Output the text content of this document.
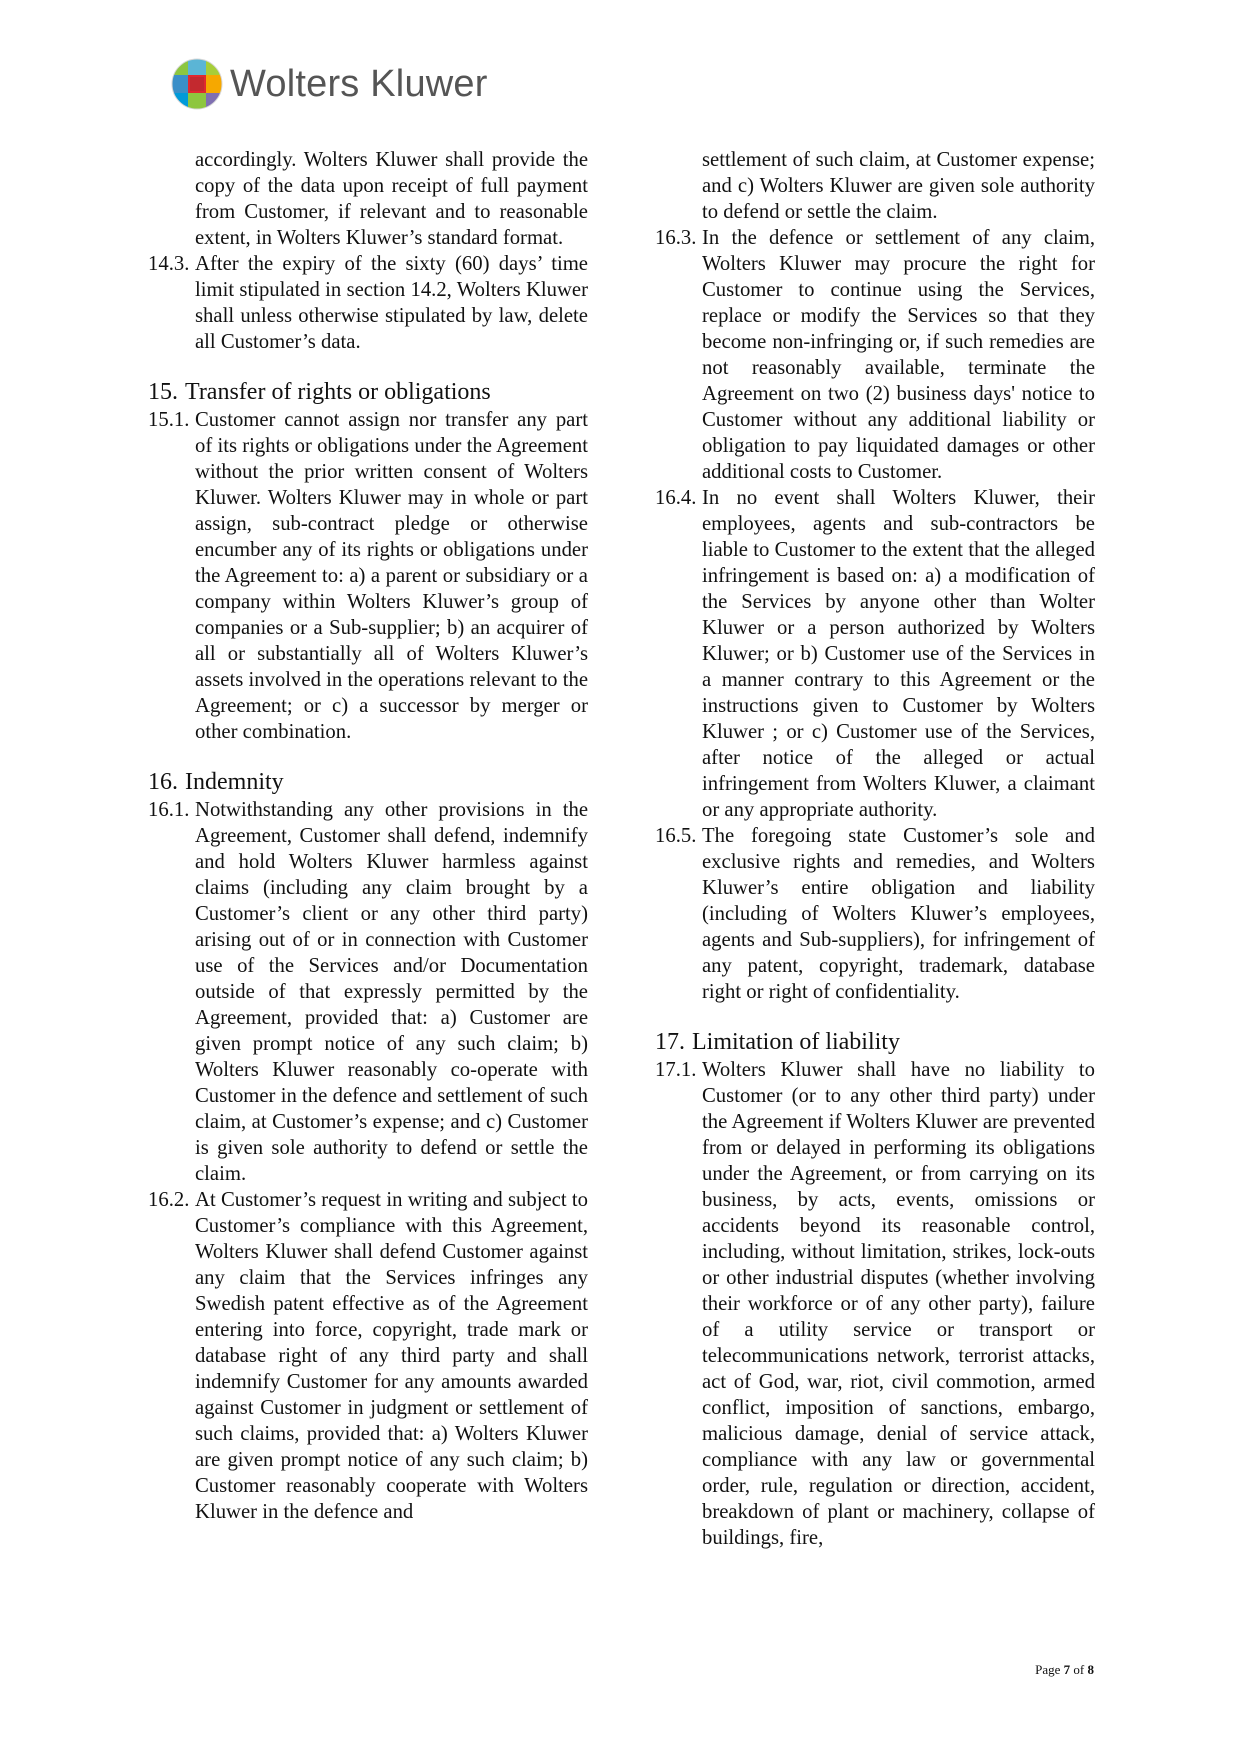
Wolters Kluwer
accordingly. Wolters Kluwer shall provide the copy of the data upon receipt of full payment from Customer, if relevant and to reasonable extent, in Wolters Kluwer’s standard format.
14.3. After the expiry of the sixty (60) days’ time limit stipulated in section 14.2, Wolters Kluwer shall unless otherwise stipulated by law, delete all Customer’s data.
15. Transfer of rights or obligations
15.1. Customer cannot assign nor transfer any part of its rights or obligations under the Agreement without the prior written consent of Wolters Kluwer. Wolters Kluwer may in whole or part assign, sub-contract pledge or otherwise encumber any of its rights or obligations under the Agreement to: a) a parent or subsidiary or a company within Wolters Kluwer’s group of companies or a Sub-supplier; b) an acquirer of all or substantially all of Wolters Kluwer’s assets involved in the operations relevant to the Agreement; or c) a successor by merger or other combination.
16. Indemnity
16.1. Notwithstanding any other provisions in the Agreement, Customer shall defend, indemnify and hold Wolters Kluwer harmless against claims (including any claim brought by a Customer’s client or any other third party) arising out of or in connection with Customer use of the Services and/or Documentation outside of that expressly permitted by the Agreement, provided that: a) Customer are given prompt notice of any such claim; b) Wolters Kluwer reasonably co-operate with Customer in the defence and settlement of such claim, at Customer’s expense; and c) Customer is given sole authority to defend or settle the claim.
16.2. At Customer’s request in writing and subject to Customer’s compliance with this Agreement, Wolters Kluwer shall defend Customer against any claim that the Services infringes any Swedish patent effective as of the Agreement entering into force, copyright, trade mark or database right of any third party and shall indemnify Customer for any amounts awarded against Customer in judgment or settlement of such claims, provided that: a) Wolters Kluwer are given prompt notice of any such claim; b) Customer reasonably cooperate with Wolters Kluwer in the defence and
settlement of such claim, at Customer expense; and c) Wolters Kluwer are given sole authority to defend or settle the claim.
16.3. In the defence or settlement of any claim, Wolters Kluwer may procure the right for Customer to continue using the Services, replace or modify the Services so that they become non-infringing or, if such remedies are not reasonably available, terminate the Agreement on two (2) business days' notice to Customer without any additional liability or obligation to pay liquidated damages or other additional costs to Customer.
16.4. In no event shall Wolters Kluwer, their employees, agents and sub-contractors be liable to Customer to the extent that the alleged infringement is based on: a) a modification of the Services by anyone other than Wolter Kluwer or a person authorized by Wolters Kluwer; or b) Customer use of the Services in a manner contrary to this Agreement or the instructions given to Customer by Wolters Kluwer ; or c) Customer use of the Services, after notice of the alleged or actual infringement from Wolters Kluwer, a claimant or any appropriate authority.
16.5. The foregoing state Customer’s sole and exclusive rights and remedies, and Wolters Kluwer’s entire obligation and liability (including of Wolters Kluwer’s employees, agents and Sub-suppliers), for infringement of any patent, copyright, trademark, database right or right of confidentiality.
17. Limitation of liability
17.1. Wolters Kluwer shall have no liability to Customer (or to any other third party) under the Agreement if Wolters Kluwer are prevented from or delayed in performing its obligations under the Agreement, or from carrying on its business, by acts, events, omissions or accidents beyond its reasonable control, including, without limitation, strikes, lock-outs or other industrial disputes (whether involving their workforce or of any other party), failure of a utility service or transport or telecommunications network, terrorist attacks, act of God, war, riot, civil commotion, armed conflict, imposition of sanctions, embargo, malicious damage, denial of service attack, compliance with any law or governmental order, rule, regulation or direction, accident, breakdown of plant or machinery, collapse of buildings, fire,
Page 7 of 8
